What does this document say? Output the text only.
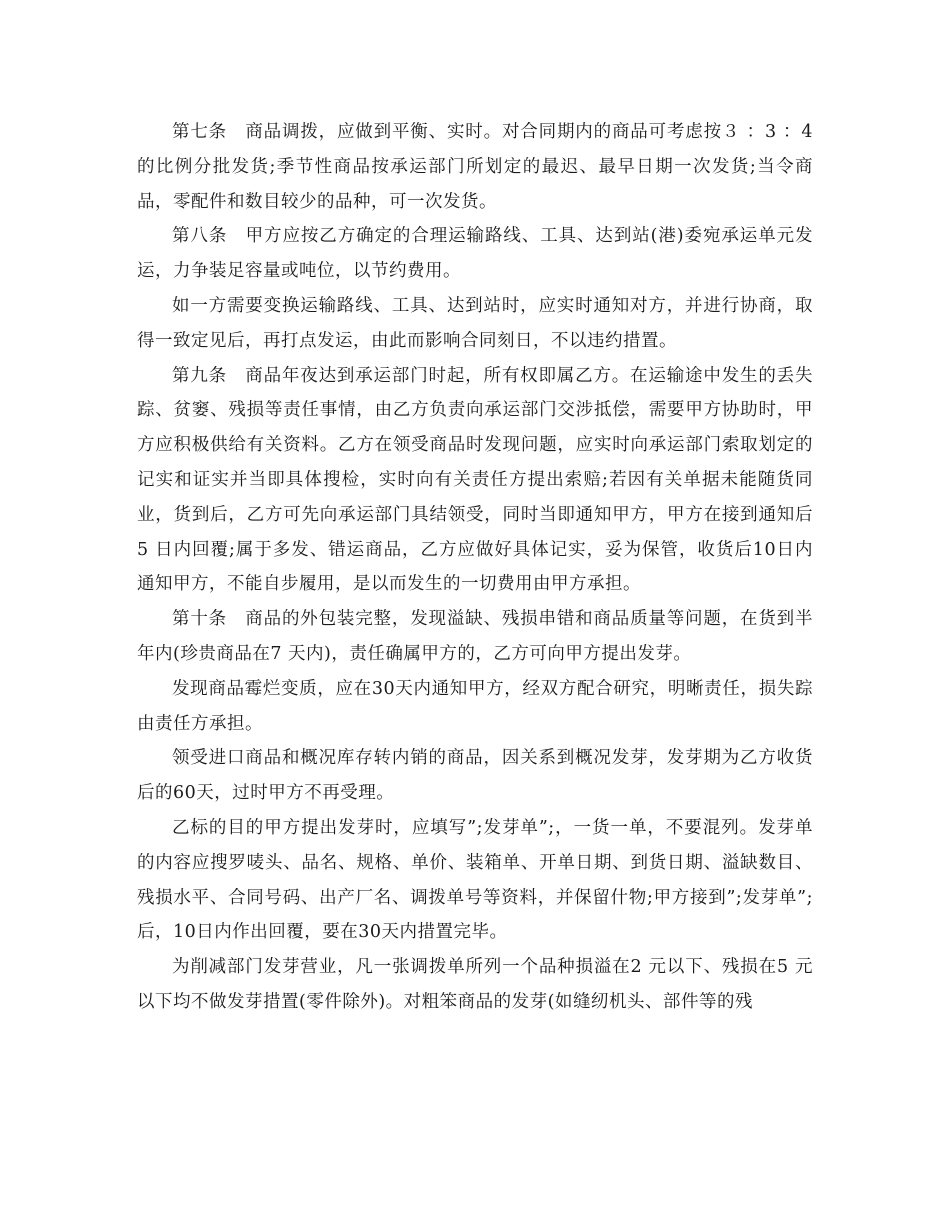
第七条　商品调拨，应做到平衡、实时。对合同期内的商品可考虑按３ ：3 ：4 的比例分批发货;季节性商品按承运部门所划定的最迟、最早日期一次发货;当令商品，零配件和数目较少的品种，可一次发货。

第八条　甲方应按乙方确定的合理运输路线、工具、达到站(港)委宛承运单元发运，力争装足容量或吨位，以节约费用。

如一方需要变换运输路线、工具、达到站时，应实时通知对方，并进行协商，取得一致定见后，再打点发运，由此而影响合同刻日，不以违约措置。

第九条　商品年夜达到承运部门时起，所有权即属乙方。在运输途中发生的丢失踪、贫窭、残损等责任事情，由乙方负责向承运部门交涉抵偿，需要甲方协助时，甲方应积极供给有关资料。乙方在领受商品时发现问题，应实时向承运部门索取划定的记实和证实并当即具体搜检，实时向有关责任方提出索赔;若因有关单据未能随货同业，货到后，乙方可先向承运部门具结领受，同时当即通知甲方，甲方在接到通知后5 日内回覆;属于多发、错运商品，乙方应做好具体记实，妥为保管，收货后10日内通知甲方，不能自步履用，是以而发生的一切费用由甲方承担。

第十条　商品的外包装完整，发现溢缺、残损串错和商品质量等问题，在货到半年内(珍贵商品在7 天内)，责任确属甲方的，乙方可向甲方提出发芽。

发现商品霉烂变质，应在30天内通知甲方，经双方配合研究，明晰责任，损失踪由责任方承担。

领受进口商品和概况库存转内销的商品，因关系到概况发芽，发芽期为乙方收货后的60天，过时甲方不再受理。

乙标的目的甲方提出发芽时，应填写”;发芽单”;，一货一单，不要混列。发芽单的内容应搜罗唛头、品名、规格、单价、装箱单、开单日期、到货日期、溢缺数目、残损水平、合同号码、出产厂名、调拨单号等资料，并保留什物;甲方接到”;发芽单”;后，10日内作出回覆，要在30天内措置完毕。

为削减部门发芽营业，凡一张调拨单所列一个品种损溢在2 元以下、残损在5 元以下均不做发芽措置(零件除外)。对粗笨商品的发芽(如缝纫机头、部件等的残
